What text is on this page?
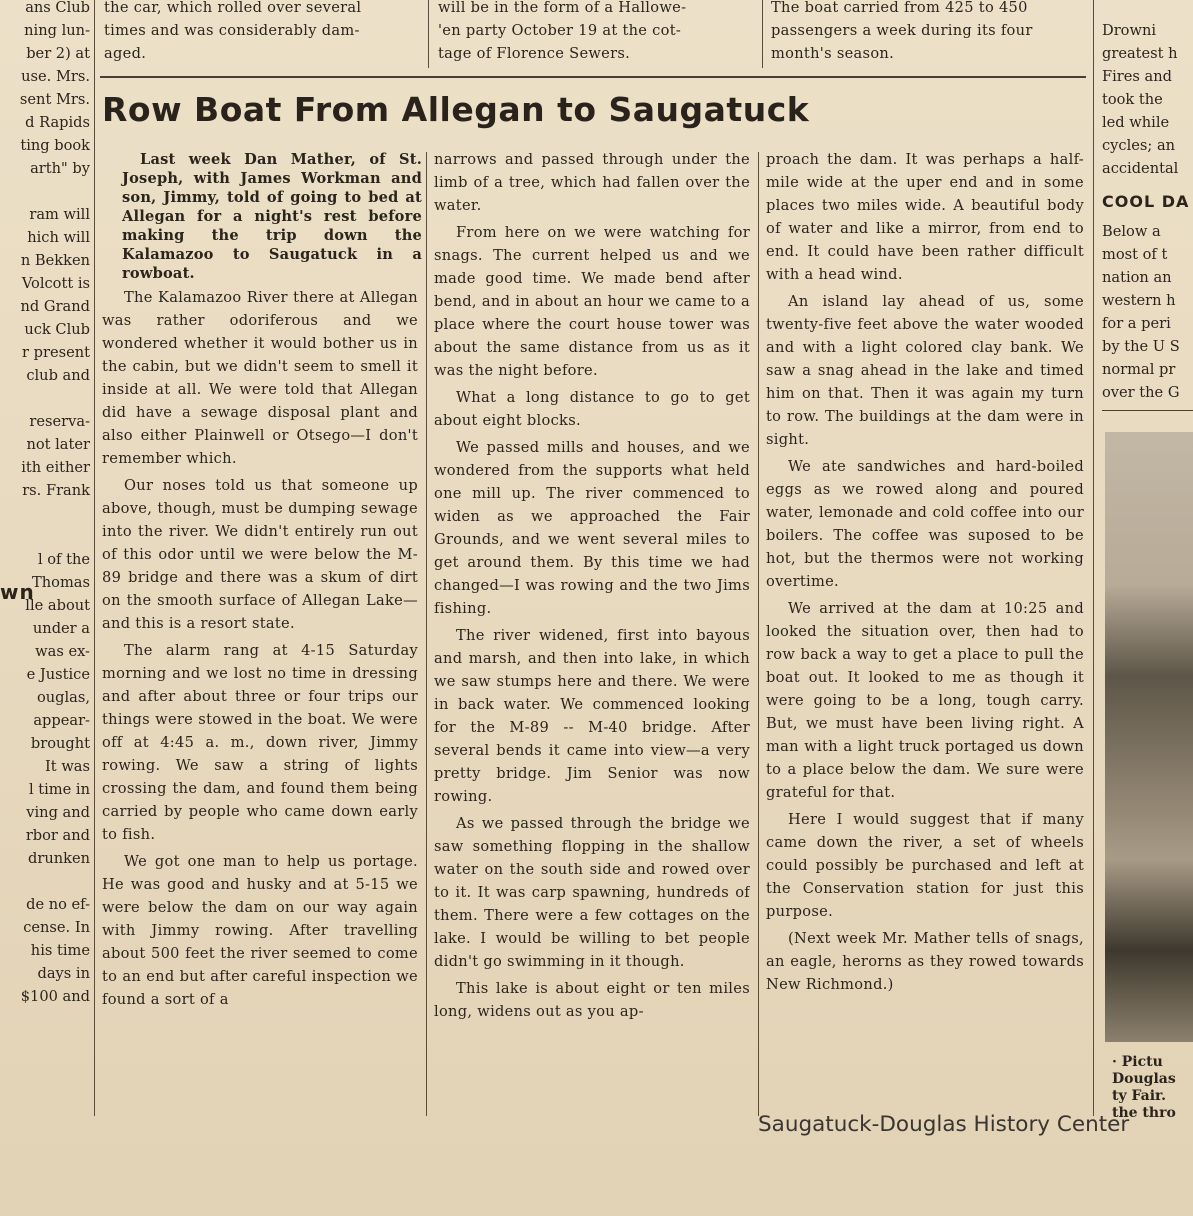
the car, which rolled over several
times and was considerably dam-
aged.
will be in the form of a Hallowe-
'en party October 19 at the cot-
tage of Florence Sewers.
The boat carried from 425 to 450
passengers a week during its four
month's season.
Row Boat From Allegan to Saugatuck
Last week Dan Mather, of St. Joseph, with James Workman and son, Jimmy, told of going to bed at Allegan for a night's rest before making the trip down the Kalamazoo to Saugatuck in a rowboat.

The Kalamazoo River there at Allegan was rather odoriferous and we wondered whether it would bother us in the cabin, but we didn't seem to smell it inside at all. We were told that Allegan did have a sewage disposal plant and also either Plainwell or Otsego—I don't remember which.

Our noses told us that someone up above, though, must be dumping sewage into the river. We didn't entirely run out of this odor until we were below the M-89 bridge and there was a skum of dirt on the smooth surface of Allegan Lake—and this is a resort state.

The alarm rang at 4-15 Saturday morning and we lost no time in dressing and after about three or four trips our things were stowed in the boat. We were off at 4:45 a. m., down river, Jimmy rowing. We saw a string of lights crossing the dam, and found them being carried by people who came down early to fish.

We got one man to help us portage. He was good and husky and at 5-15 we were below the dam on our way again with Jimmy rowing. After travelling about 500 feet the river seemed to come to an end but after careful inspection we found a sort of a

narrows and passed through under the limb of a tree, which had fallen over the water.

From here on we were watching for snags. The current helped us and we made good time. We made bend after bend, and in about an hour we came to a place where the court house tower was about the same distance from us as it was the night before.

What a long distance to go to get about eight blocks.

We passed mills and houses, and we wondered from the supports what held one mill up. The river commenced to widen as we approached the Fair Grounds, and we went several miles to get around them. By this time we had changed—I was rowing and the two Jims fishing.

The river widened, first into bayous and marsh, and then into lake, in which we saw stumps here and there. We were in back water. We commenced looking for the M-89 -- M-40 bridge. After several bends it came into view—a very pretty bridge. Jim Senior was now rowing.

As we passed through the bridge we saw something flopping in the shallow water on the south side and rowed over to it. It was carp spawning, hundreds of them. There were a few cottages on the lake. I would be willing to bet people didn't go swimming in it though.

This lake is about eight or ten miles long, widens out as you ap-

proach the dam. It was perhaps a half-mile wide at the uper end and in some places two miles wide. A beautiful body of water and like a mirror, from end to end. It could have been rather difficult with a head wind.

An island lay ahead of us, some twenty-five feet above the water wooded and with a light colored clay bank. We saw a snag ahead in the lake and timed him on that. Then it was again my turn to row. The buildings at the dam were in sight.

We ate sandwiches and hard-boiled eggs as we rowed along and poured water, lemonade and cold coffee into our boilers. The coffee was suposed to be hot, but the thermos were not working overtime.

We arrived at the dam at 10:25 and looked the situation over, then had to row back a way to get a place to pull the boat out. It looked to me as though it were going to be a long, tough carry. But, we must have been living right. A man with a light truck portaged us down to a place below the dam. We sure were grateful for that.

Here I would suggest that if many came down the river, a set of wheels could possibly be purchased and left at the Conservation station for just this purpose.

(Next week Mr. Mather tells of snags, an eagle, herorns as they rowed towards New Richmond.)

ans Club
ning lun-
ber 2) at
use. Mrs.
sent Mrs.
d Rapids
ting book
arth" by
ram will
hich will
n Bekken
Volcott is
nd Grand
uck Club
r present
club and
reserva-
not later
ith either
rs. Frank
l of the
Thomas
lle about
under a
was ex-
e Justice
ouglas,
appear-
brought
It was
l time in
ving and
rbor and
drunken
de no ef-
cense. In
his time
days in
$100 and
wn
Drowni
greatest h
Fires and
took the
led while
cycles; an
accidental
COOL DA
Below a
most of t
nation an
western h
for a peri
by the U S
normal pr
over the G
· Pictu
Douglas
ty Fair.
the thro
Saugatuck-Douglas History Center
